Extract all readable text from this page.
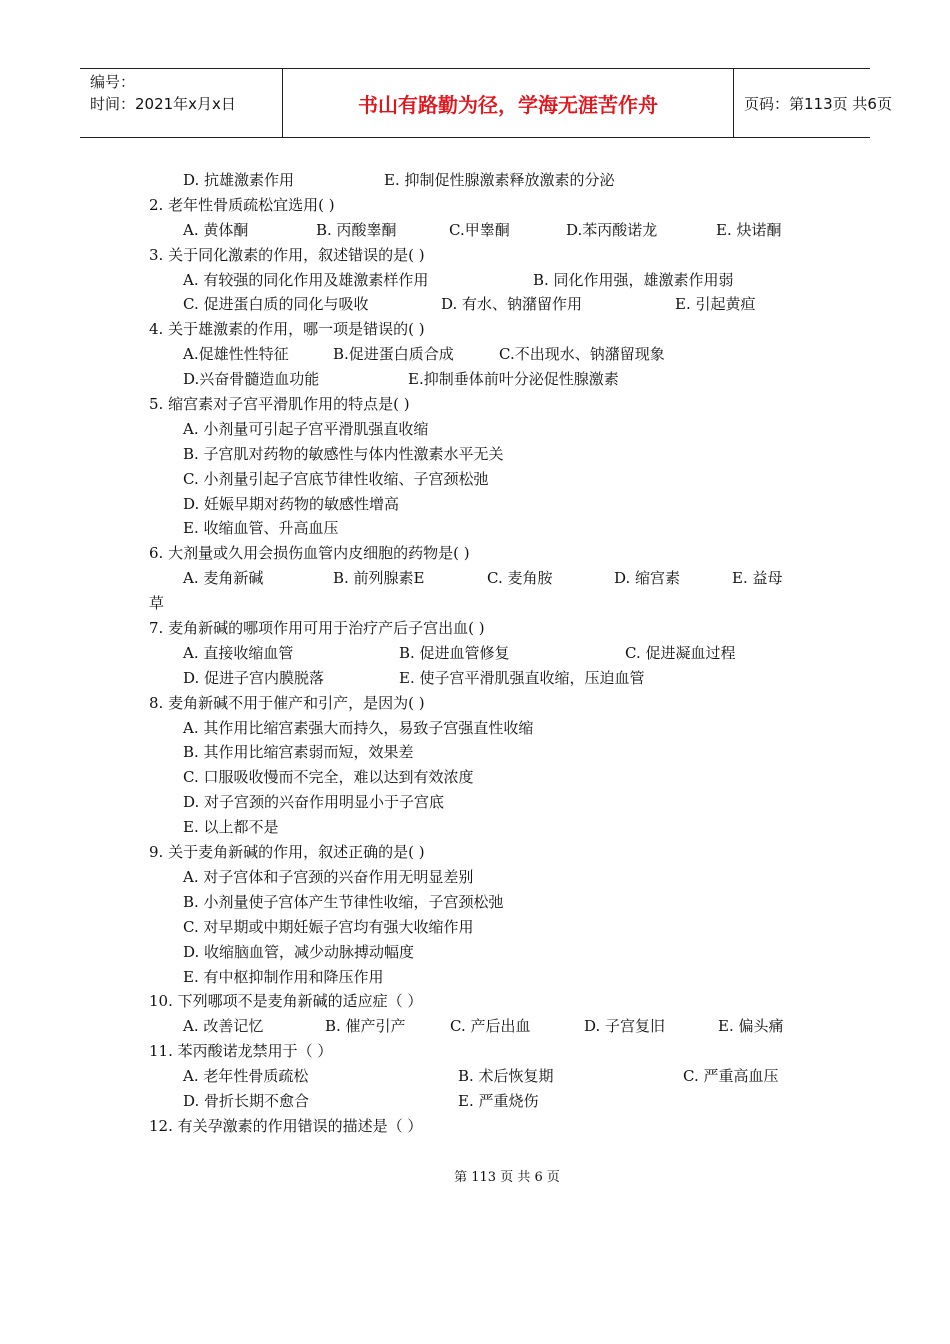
编号：
时间：2021年x月x日	书山有路勤为径，学海无涯苦作舟	页码：第113页 共6页
D. 抗雄激素作用	E. 抑制促性腺激素释放激素的分泌
2. 老年性骨质疏松宜选用( )
A. 黄体酮	B. 丙酸睾酮	C.甲睾酮	D.苯丙酸诺龙	E. 炔诺酮
3. 关于同化激素的作用，叙述错误的是( )
A. 有较强的同化作用及雄激素样作用	B. 同化作用强，雄激素作用弱
C. 促进蛋白质的同化与吸收	D. 有水、钠潴留作用	E. 引起黄疸
4. 关于雄激素的作用，哪一项是错误的( )
A.促雄性性特征	B.促进蛋白质合成	C.不出现水、钠潴留现象
D.兴奋骨髓造血功能	E.抑制垂体前叶分泌促性腺激素
5. 缩宫素对子宫平滑肌作用的特点是( )
A. 小剂量可引起子宫平滑肌强直收缩
B. 子宫肌对药物的敏感性与体内性激素水平无关
C. 小剂量引起子宫底节律性收缩、子宫颈松弛
D. 妊娠早期对药物的敏感性增高
E. 收缩血管、升高血压
6. 大剂量或久用会损伤血管内皮细胞的药物是( )
A. 麦角新碱	B. 前列腺素E	C. 麦角胺	D. 缩宫素	E. 益母
草
7. 麦角新碱的哪项作用可用于治疗产后子宫出血( )
A. 直接收缩血管	B. 促进血管修复	C. 促进凝血过程
D. 促进子宫内膜脱落	E. 使子宫平滑肌强直收缩，压迫血管
8. 麦角新碱不用于催产和引产，是因为( )
A. 其作用比缩宫素强大而持久，易致子宫强直性收缩
B. 其作用比缩宫素弱而短，效果差
C. 口服吸收慢而不完全，难以达到有效浓度
D. 对子宫颈的兴奋作用明显小于子宫底
E. 以上都不是
9. 关于麦角新碱的作用，叙述正确的是( )
A. 对子宫体和子宫颈的兴奋作用无明显差别
B. 小剂量使子宫体产生节律性收缩，子宫颈松弛
C. 对早期或中期妊娠子宫均有强大收缩作用
D. 收缩脑血管，减少动脉搏动幅度
E. 有中枢抑制作用和降压作用
10. 下列哪项不是麦角新碱的适应症（ ）
A. 改善记忆	B. 催产引产	C. 产后出血	D. 子宫复旧	E. 偏头痛
11. 苯丙酸诺龙禁用于（ ）
A. 老年性骨质疏松	B. 术后恢复期	C. 严重高血压
D. 骨折长期不愈合	E. 严重烧伤
12. 有关孕激素的作用错误的描述是（ ）
第 113 页 共 6 页
